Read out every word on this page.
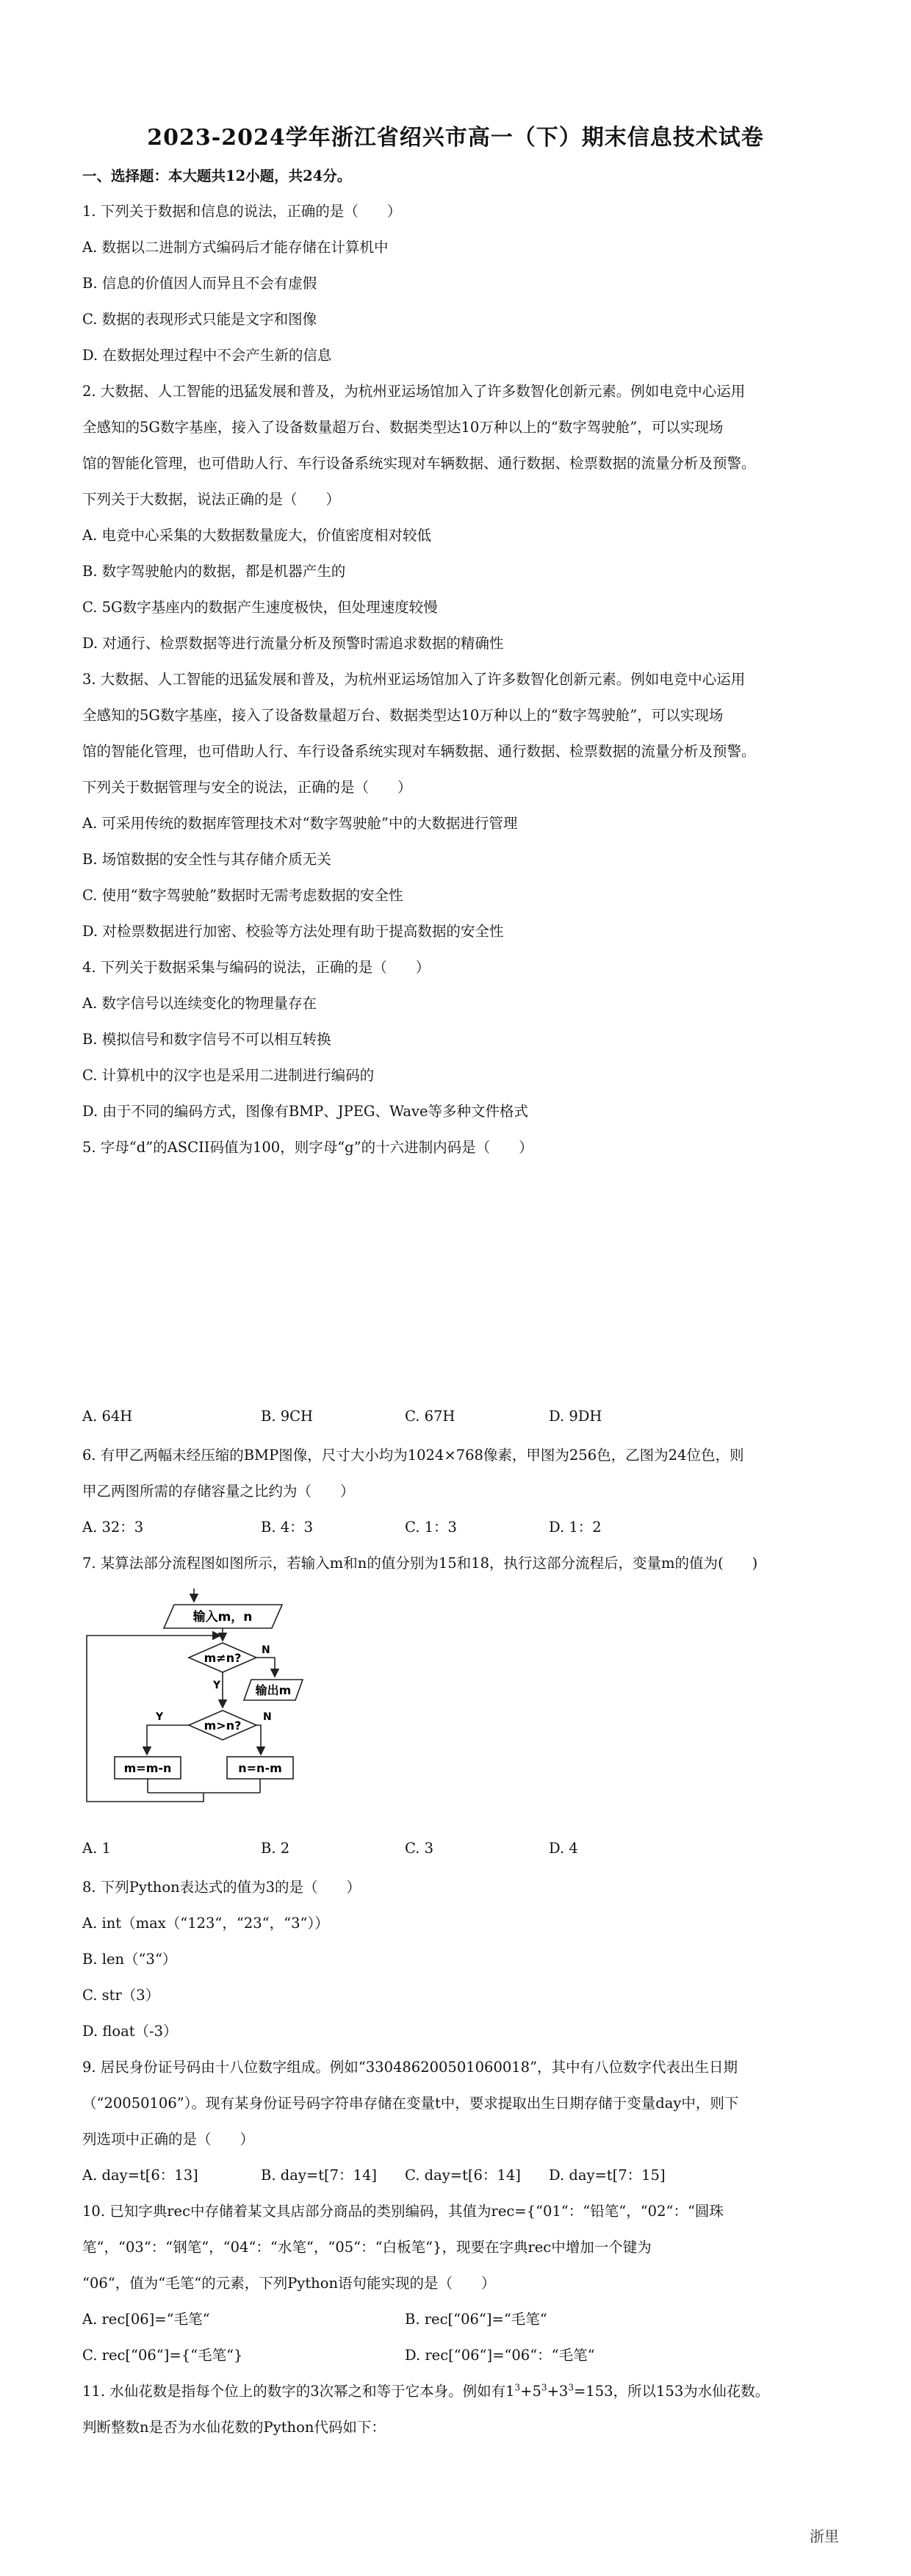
2023-2024学年浙江省绍兴市高一（下）期末信息技术试卷
一、选择题：本大题共12小题，共24分。
1. 下列关于数据和信息的说法，正确的是（　　）
A. 数据以二进制方式编码后才能存储在计算机中
B. 信息的价值因人而异且不会有虚假
C. 数据的表现形式只能是文字和图像
D. 在数据处理过程中不会产生新的信息
2. 大数据、人工智能的迅猛发展和普及，为杭州亚运场馆加入了许多数智化创新元素。例如电竞中心运用
全感知的5G数字基座，接入了设备数量超万台、数据类型达10万种以上的“数字驾驶舱”，可以实现场
馆的智能化管理，也可借助人行、车行设备系统实现对车辆数据、通行数据、检票数据的流量分析及预警。
下列关于大数据，说法正确的是（　　）
A. 电竞中心采集的大数据数量庞大，价值密度相对较低
B. 数字驾驶舱内的数据，都是机器产生的
C. 5G数字基座内的数据产生速度极快，但处理速度较慢
D. 对通行、检票数据等进行流量分析及预警时需追求数据的精确性
3. 大数据、人工智能的迅猛发展和普及，为杭州亚运场馆加入了许多数智化创新元素。例如电竞中心运用
全感知的5G数字基座，接入了设备数量超万台、数据类型达10万种以上的“数字驾驶舱”，可以实现场
馆的智能化管理，也可借助人行、车行设备系统实现对车辆数据、通行数据、检票数据的流量分析及预警。
下列关于数据管理与安全的说法，正确的是（　　）
A. 可采用传统的数据库管理技术对“数字驾驶舱”中的大数据进行管理
B. 场馆数据的安全性与其存储介质无关
C. 使用“数字驾驶舱”数据时无需考虑数据的安全性
D. 对检票数据进行加密、校验等方法处理有助于提高数据的安全性
4. 下列关于数据采集与编码的说法，正确的是（　　）
A. 数字信号以连续变化的物理量存在
B. 模拟信号和数字信号不可以相互转换
C. 计算机中的汉字也是采用二进制进行编码的
D. 由于不同的编码方式，图像有BMP、JPEG、Wave等多种文件格式
5. 字母“d”的ASCII码值为100，则字母“g”的十六进制内码是（　　）
A. 64H	B. 9CH	C. 67H	D. 9DH
6. 有甲乙两幅未经压缩的BMP图像，尺寸大小均为1024×768像素，甲图为256色，乙图为24位色，则
甲乙两图所需的存储容量之比约为（　　）
A. 32：3	B. 4：3	C. 1：3	D. 1：2
7. 某算法部分流程图如图所示，若输入m和n的值分别为15和18，执行这部分流程后，变量m的值为(　　)
输入m，n
m≠n?
N
输出m
Y
m>n?
Y	N
m=m-n	n=n-m
A. 1	B. 2	C. 3	D. 4
8. 下列Python表达式的值为3的是（　　）
A. int（max（“123“，“23“，“3“））
B. len（“3“）
C. str（3）
D. float（-3）
9. 居民身份证号码由十八位数字组成。例如“330486200501060018”，其中有八位数字代表出生日期
（“20050106”）。现有某身份证号码字符串存储在变量t中，要求提取出生日期存储于变量day中，则下
列选项中正确的是（　　）
A. day=t[6：13]	B. day=t[7：14] C. day=t[6：14] D. day=t[7：15]
10. 已知字典rec中存储着某文具店部分商品的类别编码，其值为rec={“01“：“铅笔“，“02“：“圆珠
笔“，“03“：“钢笔“，“04“：“水笔“，“05“：“白板笔“}，现要在字典rec中增加一个键为
“06“，值为“毛笔“的元素，下列Python语句能实现的是（　　）
A. rec[06]=“毛笔“	B. rec[“06“]=“毛笔“
C. rec[“06“]={“毛笔“}	D. rec[“06“]=“06“：“毛笔“
11. 水仙花数是指每个位上的数字的3次幂之和等于它本身。例如有$1^3+5^3+3^3=153$，所以153为水仙花数。
判断整数n是否为水仙花数的Python代码如下：
浙里
